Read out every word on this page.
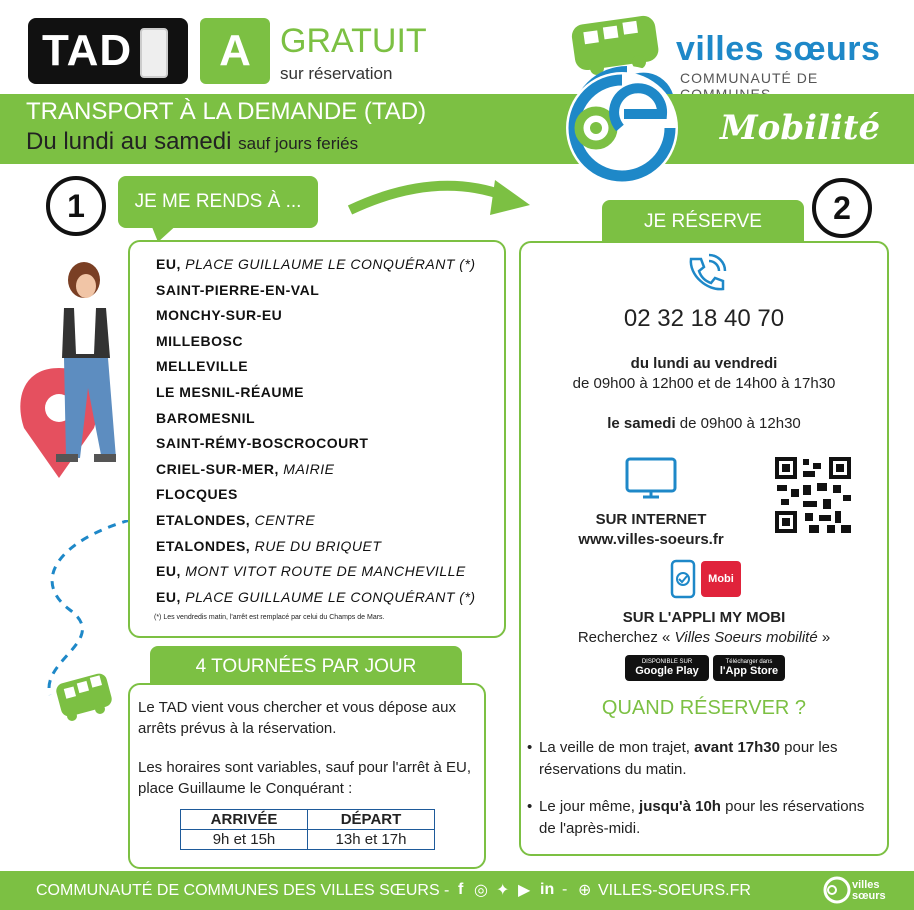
TAD	A GRATUIT
sur réservation
villes sœurs
COMMUNAUTÉ DE
TRANSPORT À LA DEMANDE (TAD)
Du lundi au samedi sauf jours feriés	Mobilité
1	JE ME RENDS À ...
EU, PLACE GUILLAUME LE CONQUÉRANT (*)
SAINT-PIERRE-EN-VAL
MONCHY-SUR-EU
MILLEBOSC
MELLEVILLE
LE MESNIL-RÉAUME
BAROMESNIL
SAINT-RÉMY-BOSCROCOURT
CRIEL-SUR-MER, MAIRIE
FLOCQUES
ETALONDES, CENTRE
ETALONDES, RUE DU BRIQUET
EU, MONT VITOT ROUTE DE MANCHEVILLE
EU, PLACE GUILLAUME LE CONQUÉRANT (*)
(*) Les vendredis matin, l'arrêt est remplacé par celui du Champs de Mars.
4 TOURNÉES PAR JOUR
Le TAD vient vous chercher et vous dépose aux arrêts prévus à la réservation.
Les horaires sont variables, sauf pour l'arrêt à EU, place Guillaume le Conquérant :
ARRIVÉE	DÉPART
9h et 15h	13h et 17h
JE RÉSERVE	2
02 32 18 40 70
du lundi au vendredi
de 09h00 à 12h00 et de 14h00 à 17h30
le samedi de 09h00 à 12h30
SUR INTERNET
www.villes-soeurs.fr
Mobi
SUR L'APPLI MY MOBI
Recherchez « Villes Soeurs mobilité »
DISPONIBLE SUR
Google Play
Télécharger dans
l'App Store
QUAND RÉSERVER ?
• La veille de mon trajet, avant 17h30 pour les réservations du matin.
• Le jour même, jusqu'à 10h pour les réservations de l'après-midi.
COMMUNAUTÉ DE COMMUNES DES VILLES SŒURS - f ◎ ✦ ▶ in - ⊕ VILLES-SOEURS.FR	villes sœurs
